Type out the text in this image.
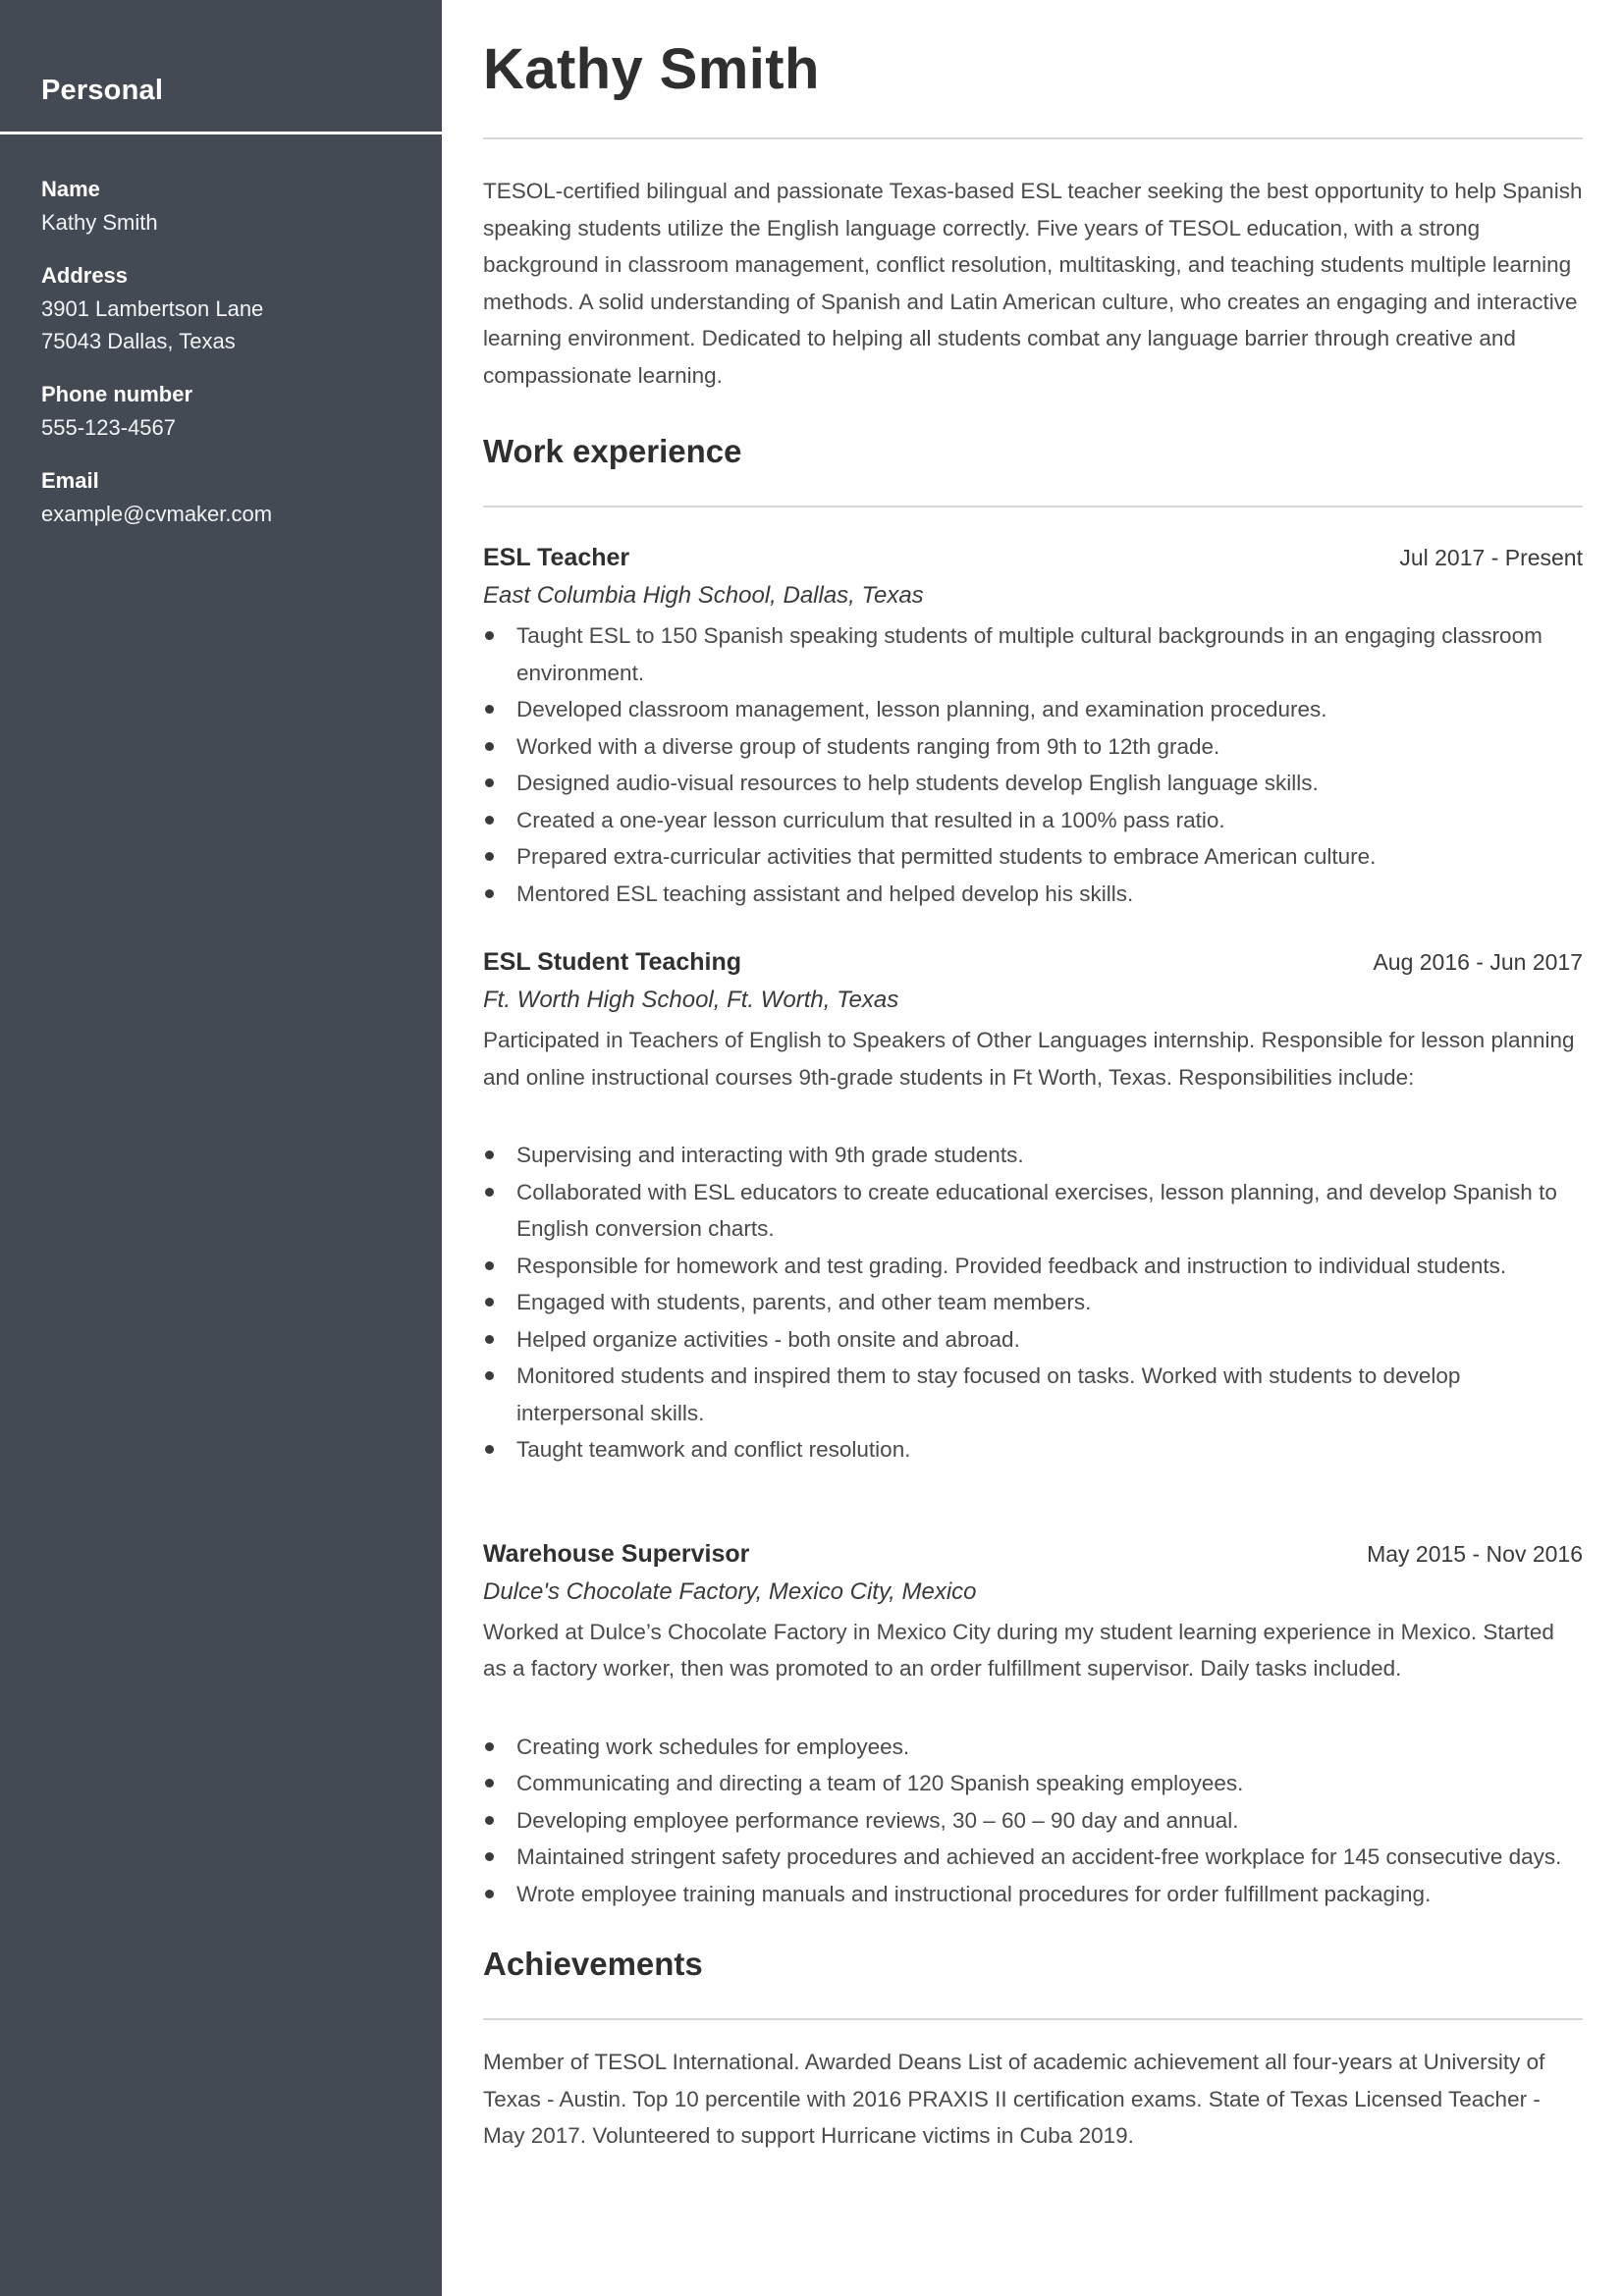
Personal
Name
Kathy Smith
Address
3901 Lambertson Lane
75043 Dallas, Texas
Phone number
555-123-4567
Email
example@cvmaker.com
Kathy Smith

TESOL-certified bilingual and passionate Texas-based ESL teacher seeking the best opportunity to help Spanish speaking students utilize the English language correctly. Five years of TESOL education, with a strong background in classroom management, conflict resolution, multitasking, and teaching students multiple learning methods. A solid understanding of Spanish and Latin American culture, who creates an engaging and interactive learning environment. Dedicated to helping all students combat any language barrier through creative and compassionate learning.

Work experience
ESL Teacher	Jul 2017 - Present
East Columbia High School, Dallas, Texas
Taught ESL to 150 Spanish speaking students of multiple cultural backgrounds in an engaging classroom environment.
Developed classroom management, lesson planning, and examination procedures.
Worked with a diverse group of students ranging from 9th to 12th grade.
Designed audio-visual resources to help students develop English language skills.
Created a one-year lesson curriculum that resulted in a 100% pass ratio.
Prepared extra-curricular activities that permitted students to embrace American culture.
Mentored ESL teaching assistant and helped develop his skills.
ESL Student Teaching	Aug 2016 - Jun 2017
Ft. Worth High School, Ft. Worth, Texas
Participated in Teachers of English to Speakers of Other Languages internship. Responsible for lesson planning and online instructional courses 9th-grade students in Ft Worth, Texas. Responsibilities include:
Supervising and interacting with 9th grade students.
Collaborated with ESL educators to create educational exercises, lesson planning, and develop Spanish to English conversion charts.
Responsible for homework and test grading. Provided feedback and instruction to individual students.
Engaged with students, parents, and other team members.
Helped organize activities - both onsite and abroad.
Monitored students and inspired them to stay focused on tasks. Worked with students to develop interpersonal skills.
Taught teamwork and conflict resolution.
Warehouse Supervisor	May 2015 - Nov 2016
Dulce's Chocolate Factory, Mexico City, Mexico
Worked at Dulce’s Chocolate Factory in Mexico City during my student learning experience in Mexico. Started as a factory worker, then was promoted to an order fulfillment supervisor. Daily tasks included.
Creating work schedules for employees.
Communicating and directing a team of 120 Spanish speaking employees.
Developing employee performance reviews, 30 – 60 – 90 day and annual.
Maintained stringent safety procedures and achieved an accident-free workplace for 145 consecutive days.
Wrote employee training manuals and instructional procedures for order fulfillment packaging.
Achievements

Member of TESOL International. Awarded Deans List of academic achievement all four-years at University of Texas - Austin. Top 10 percentile with 2016 PRAXIS II certification exams. State of Texas Licensed Teacher - May 2017. Volunteered to support Hurricane victims in Cuba 2019.
